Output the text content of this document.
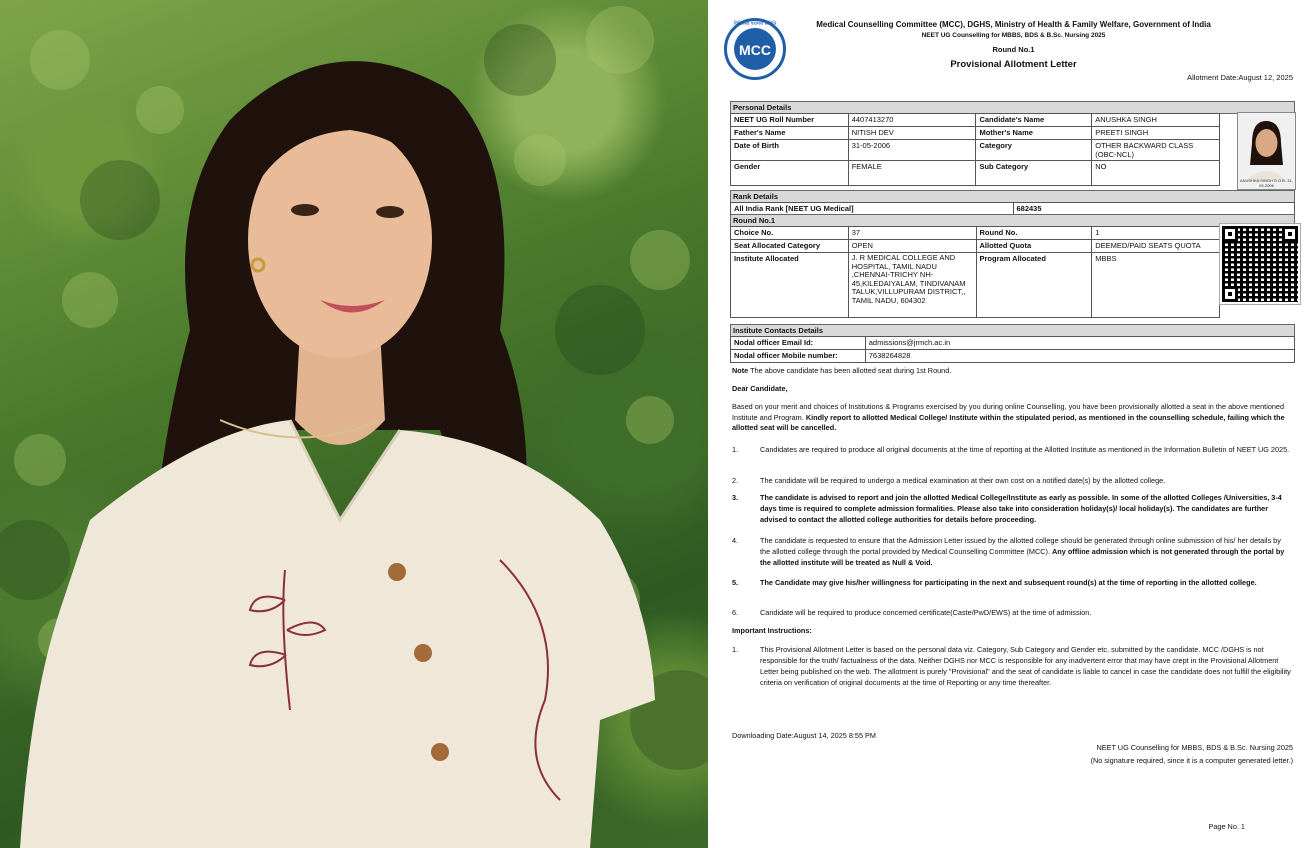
चिकित्सा परामर्श समिति
MCC
Medical Counselling Committee (MCC), DGHS, Ministry of Health & Family Welfare, Government of India
NEET UG Counselling for MBBS, BDS & B.Sc. Nursing 2025
Round No.1
Provisional Allotment Letter
Allotment Date:August 12, 2025
Personal Details
NEET UG Roll Number	4407413270	Candidate's Name	ANUSHKA SINGH
Father's Name	NITISH DEV	Mother's Name	PREETI SINGH
Date of Birth	31-05-2006	Category	OTHER BACKWARD CLASS (OBC-NCL)
Gender	FEMALE	Sub Category	NO
ANUSHKA SINGH D.O.B- 31-05-2006
Rank Details
All India Rank [NEET UG Medical]	682435
Round No.1
Choice No.	37	Round No.	1
Seat Allocated Category	OPEN	Allotted Quota	DEEMED/PAID SEATS QUOTA
Institute Allocated	J. R MEDICAL COLLEGE AND HOSPITAL, TAMIL NADU ,CHENNAI-TRICHY NH-45,KILEDAIYALAM, TINDIVANAM TALUK,VILLUPURAM DISTRICT,, TAMIL NADU, 604302	Program Allocated	MBBS
Institute Contacts Details
Nodal officer Email Id:	admissions@jrmch.ac.in
Nodal officer Mobile number:	7638264828
Note The above candidate has been allotted seat during 1st Round.
Dear Candidate,
Based on your merit and choices of Institutions & Programs exercised by you during online Counselling, you have been provisionally allotted a seat in the above mentioned Institute and Program. Kindly report to allotted Medical College/ Institute within the stipulated period, as mentioned in the counselling schedule, failing which the allotted seat will be cancelled.
1.	Candidates are required to produce all original documents at the time of reporting at the Allotted Institute as mentioned in the Information Bulletin of NEET UG 2025.
2.	The candidate will be required to undergo a medical examination at their own cost on a notified date(s) by the allotted college.
3.	The candidate is advised to report and join the allotted Medical College/Institute as early as possible. In some of the allotted Colleges /Universities, 3-4 days time is required to complete admission formalities. Please also take into consideration holiday(s)/ local holiday(s). The candidates are further advised to contact the allotted college authorities for details before proceeding.
4.	The candidate is requested to ensure that the Admission Letter issued by the allotted college should be generated through online submission of his/ her details by the allotted college through the portal provided by Medical Counselling Committee (MCC). Any offline admission which is not generated through the portal by the allotted institute will be treated as Null & Void.
5.	The Candidate may give his/her willingness for participating in the next and subsequent round(s) at the time of reporting in the allotted college.
6.	Candidate will be required to produce concerned certificate(Caste/PwD/EWS) at the time of admission.
Important Instructions:
1.	This Provisional Allotment Letter is based on the personal data viz. Category, Sub Category and Gender etc. submitted by the candidate. MCC /DGHS is not responsible for the truth/ factualness of the data. Neither DGHS nor MCC is responsible for any inadvertent error that may have crept in the Provisional Allotment Letter being published on the web. The allotment is purely "Provisional" and the seat of candidate is liable to cancel in case the candidate does not fulfill the eligibility criteria on verification of original documents at the time of Reporting or any time thereafter.
Downloading Date:August 14, 2025 8:55 PM
NEET UG Counselling for MBBS, BDS & B.Sc. Nursing 2025
(No signature required, since it is a computer generated letter.)
Page No. 1
